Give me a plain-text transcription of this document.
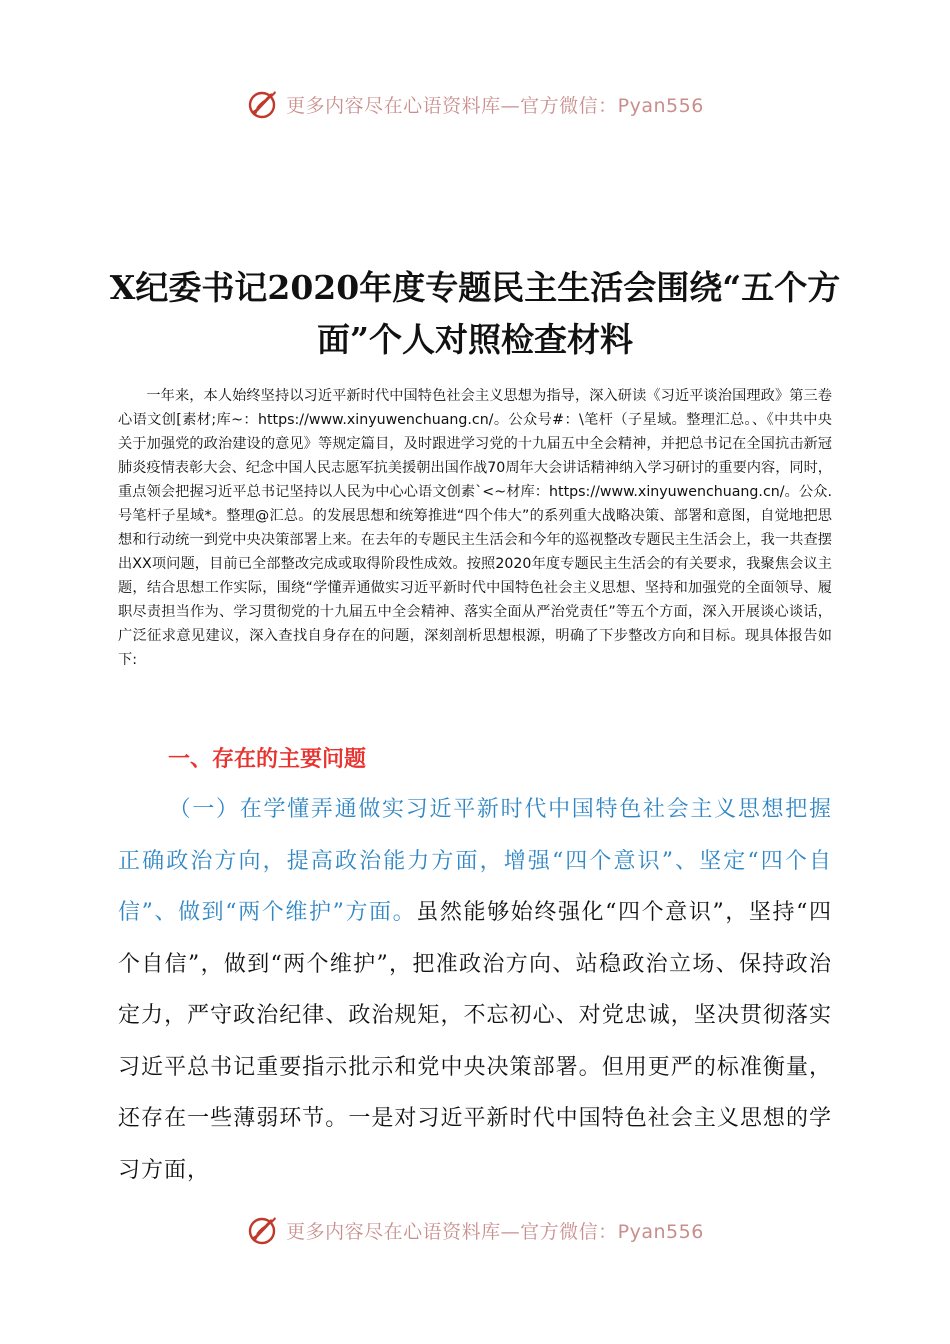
更多内容尽在心语资料库—官方微信：Pyan556
X纪委书记2020年度专题民主生活会围绕“五个方面”个人对照检查材料

一年来，本人始终坚持以习近平新时代中国特色社会主义思想为指导，深入研读《习近平谈治国理政》第三卷心语文创[素材;库~：https://www.xinyuwenchuang.cn/。公众号#：\笔杆（子星域。整理汇总。、《中共中央关于加强党的政治建设的意见》等规定篇目，及时跟进学习党的十九届五中全会精神，并把总书记在全国抗击新冠肺炎疫情表彰大会、纪念中国人民志愿军抗美援朝出国作战70周年大会讲话精神纳入学习研讨的重要内容，同时，重点领会把握习近平总书记坚持以人民为中心心语文创素`<~材库：https://www.xinyuwenchuang.cn/。公众.号笔杆子星域*。整理@汇总。的发展思想和统筹推进“四个伟大”的系列重大战略决策、部署和意图，自觉地把思想和行动统一到党中央决策部署上来。在去年的专题民主生活会和今年的巡视整改专题民主生活会上，我一共查摆出XX项问题，目前已全部整改完成或取得阶段性成效。按照2020年度专题民主生活会的有关要求，我聚焦会议主题，结合思想工作实际，围绕“学懂弄通做实习近平新时代中国特色社会主义思想、坚持和加强党的全面领导、履职尽责担当作为、学习贯彻党的十九届五中全会精神、落实全面从严治党责任”等五个方面，深入开展谈心谈话，广泛征求意见建议，深入查找自身存在的问题，深刻剖析思想根源，明确了下步整改方向和目标。现具体报告如下:

一、存在的主要问题

（一）在学懂弄通做实习近平新时代中国特色社会主义思想把握正确政治方向，提高政治能力方面，增强“四个意识”、坚定“四个自信”、做到“两个维护”方面。虽然能够始终强化“四个意识”，坚持“四个自信”，做到“两个维护”，把准政治方向、站稳政治立场、保持政治定力，严守政治纪律、政治规矩，不忘初心、对党忠诚，坚决贯彻落实习近平总书记重要指示批示和党中央决策部署。但用更严的标准衡量，还存在一些薄弱环节。一是对习近平新时代中国特色社会主义思想的学习方面，

更多内容尽在心语资料库—官方微信：Pyan556
